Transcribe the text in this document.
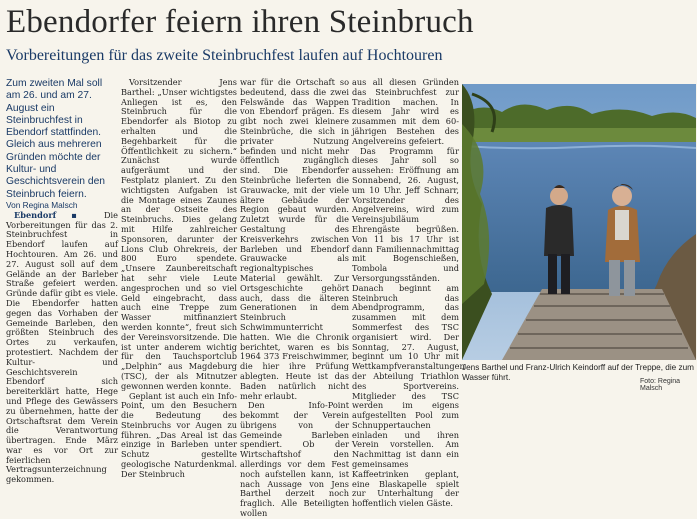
Ebendorfer feiern ihren Steinbruch
Vorbereitungen für das zweite Steinbruchfest laufen auf Hochtouren

Zum zweiten Mal soll am 26. und am 27. August ein Steinbruchfest in Ebendorf stattfinden. Gleich aus mehreren Gründen möchte der Kultur- und Geschichtsverein den Steinbruch feiern.

Von Regina Malsch

Ebendorf ▪ Die Vorbereitungen für das 2. Steinbruchfest in Ebendorf laufen auf Hochtouren. Am 26. und 27. August soll auf dem Gelände an der Barleber Straße gefeiert werden. Gründe dafür gibt es viele. Die Ebendorfer hatten gegen das Vorhaben der Gemeinde Barleben, den größten Steinbruch des Ortes zu verkaufen, protestiert. Nachdem der Kultur- und Geschichtsverein Ebendorf sich bereiterklärt hatte, Hege und Pflege des Gewässers zu übernehmen, hatte der Ortschaftsrat dem Verein die Verantwortung übertragen. Ende März war es vor Ort zur feierlichen Vertragsunterzeichnung gekommen.

Vorsitzender Jens Barthel: „Unser wichtigstes Anliegen ist es, den Steinbruch für die Ebendorfer als Biotop zu erhalten und die Begehbarkeit für die Öffentlichkeit zu sichern.“ Zunächst wurde aufgeräumt und der Festplatz planiert. Zu den wichtigsten Aufgaben ist die Montage eines Zaunes an der Ostseite des Steinbruchs. Dies gelang mit Hilfe zahlreicher Sponsoren, darunter der Lions Club Ohrekreis, der 800 Euro spendete. „Unsere Zaunbereitschaft hat sehr viele Leute angesprochen und so viel Geld eingebracht, dass auch eine Treppe zum Wasser mitfinanziert werden konnte“, freut sich der Vereinsvorsitzende. Die ist unter anderem wichtig für den Tauchsportclub „Delphin“ aus Magdeburg (TSC), der als Mitnutzer gewonnen werden konnte.

Geplant ist auch ein Info-Point, um den Besuchern die Bedeutung des Steinbruchs vor Augen zu führen. „Das Areal ist das einzige in Barleben unter Schutz gestellte geologische Naturdenkmal. Der Steinbruch

war für die Ortschaft so bedeutend, dass die zwei Felswände das Wappen von Ebendorf prägen. Es gibt noch zwei kleinere Steinbrüche, die sich in privater Nutzung befinden und nicht mehr öffentlich zugänglich sind. Die Ebendorfer Steinbrüche lieferten die Grauwacke, mit der viele ältere Gebäude der Region gebaut wurden. Zuletzt wurde für die Gestaltung des Kreisverkehrs zwischen Barleben und Ebendorf Grauwacke als regionaltypisches Material gewählt. Zur Ortsgeschichte gehört auch, dass die älteren Generationen in dem Steinbruch Schwimmunterricht hatten. Wie die Chronik berichtet, waren es bis 1964 373 Freischwimmer, die hier ihre Prüfung ablegten. Heute ist das Baden natürlich nicht mehr erlaubt.

Den Info-Point bekommt der Verein übrigens von der Gemeinde Barleben spendiert. Ob der Wirtschaftshof den allerdings vor dem Fest noch aufstellen kann, ist nach Aussage von Jens Barthel derzeit noch fraglich. Alle Beteiligten wollen

aus all diesen Gründen das Steinbruchfest zur Tradition machen. In diesem Jahr wird es zusammen mit dem 60-jährigen Bestehen des Angelvereins gefeiert.

Das Programm für dieses Jahr soll so aussehen: Eröffnung am Sonnabend, 26. August, um 10 Uhr. Jeff Schnarr, Vorsitzender des Angelvereins, wird zum Vereinsjubiläum Ehrengäste begrüßen. Von 11 bis 17 Uhr ist dann Familiennachmittag mit Bogenschießen, Tombola und Versorgungsständen. Danach beginnt am Steinbruch das Abendprogramm, das zusammen mit dem Sommerfest des TSC organisiert wird. Der Sonntag, 27. August, beginnt um 10 Uhr mit Wettkampfveranstaltungen der Abteilung Triathlon des Sportvereins. Mitglieder des TSC werden im eigens aufgestellten Pool zum Schnuppertauchen einladen und ihren Verein vorstellen. Am Nachmittag ist dann ein gemeinsames Kaffeetrinken geplant, eine Blaskapelle spielt zur Unterhaltung der hoffentlich vielen Gäste.

Jens Barthel und Franz-Ulrich Keindorff auf der Treppe, die zum Wasser führt.	Foto: Regina Malsch
